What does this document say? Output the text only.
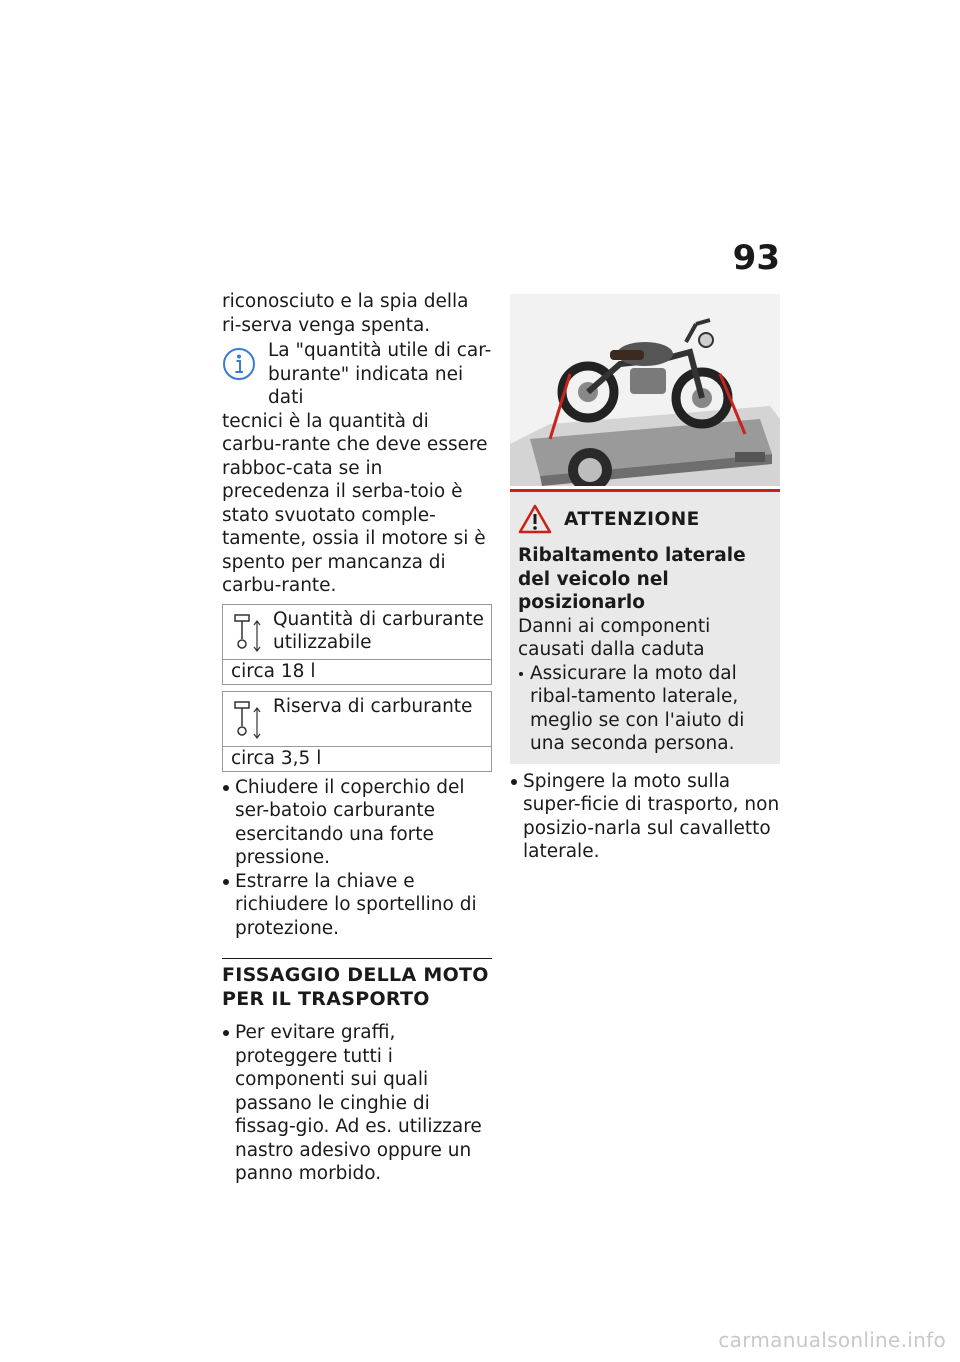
93

riconosciuto e la spia della ri-serva venga spenta.

La "quantità utile di car-burante" indicata nei dati
tecnici è la quantità di carbu-rante che deve essere rabboc-cata se in precedenza il serba-toio è stato svuotato comple-tamente, ossia il motore si è spento per mancanza di carbu-rante.
Quantità di carburante utilizzabile
circa 18 l
Riserva di carburante
circa 3,5 l
Chiudere il coperchio del ser-batoio carburante esercitando una forte pressione.
Estrarre la chiave e richiudere lo sportellino di protezione.
FISSAGGIO DELLA MOTO PER IL TRASPORTO
Per evitare graffi, proteggere tutti i componenti sui quali passano le cinghie di fissag-gio. Ad es. utilizzare nastro adesivo oppure un panno morbido.
ATTENZIONE
Ribaltamento laterale del veicolo nel posizionarlo
Danni ai componenti causati dalla caduta
Assicurare la moto dal ribal-tamento laterale, meglio se con l'aiuto di una seconda persona.
Spingere la moto sulla super-ficie di trasporto, non posizio-narla sul cavalletto laterale.
carmanualsonline.info
